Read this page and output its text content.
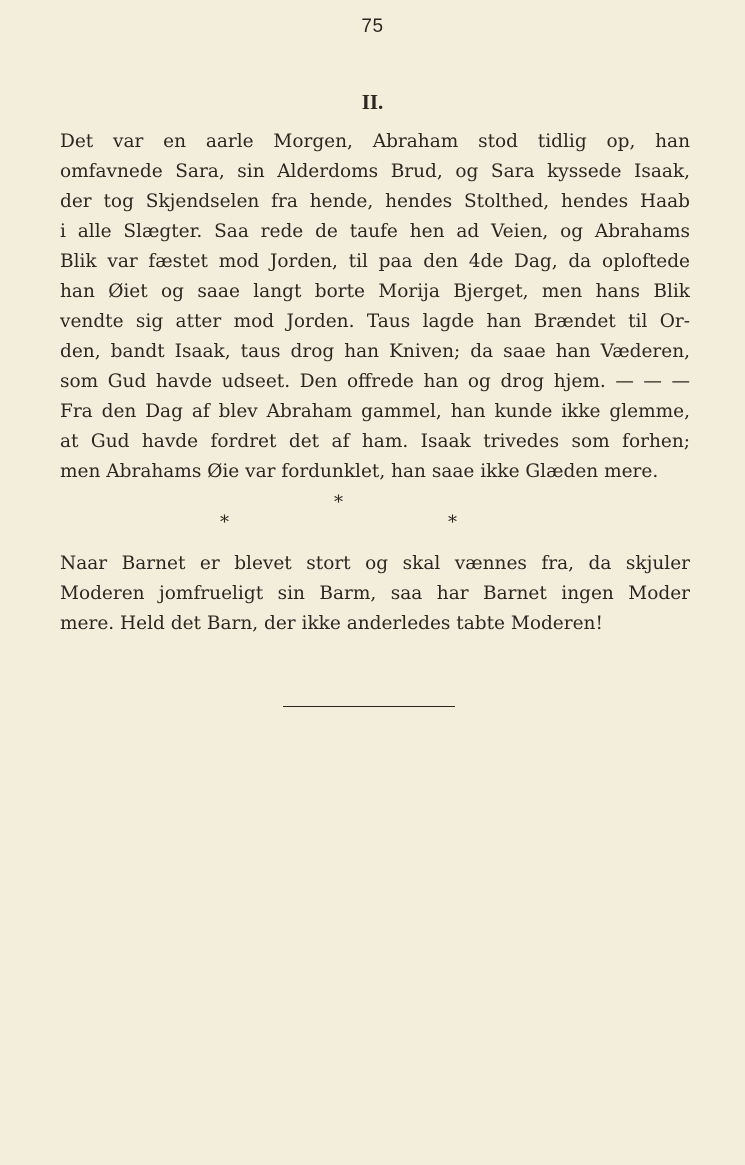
75
II.

Det var en aarle Morgen, Abraham stod tidlig op, han
omfavnede Sara, sin Alderdoms Brud, og Sara kyssede Isaak,
der tog Skjendselen fra hende, hendes Stolthed, hendes Haab
i alle Slægter. Saa rede de taufe hen ad Veien, og Abrahams
Blik var fæstet mod Jorden, til paa den 4de Dag, da oploftede
han Øiet og saae langt borte Morija Bjerget, men hans Blik
vendte sig atter mod Jorden. Taus lagde han Brændet til Or-
den, bandt Isaak, taus drog han Kniven; da saae han Væderen,
som Gud havde udseet. Den offrede han og drog hjem. — — —
Fra den Dag af blev Abraham gammel, han kunde ikke glemme,
at Gud havde fordret det af ham. Isaak trivedes som forhen;
men Abrahams Øie var fordunklet, han saae ikke Glæden mere.

*
*	*

Naar Barnet er blevet stort og skal vænnes fra, da skjuler
Moderen jomfrueligt sin Barm, saa har Barnet ingen Moder
mere. Held det Barn, der ikke anderledes tabte Moderen!
